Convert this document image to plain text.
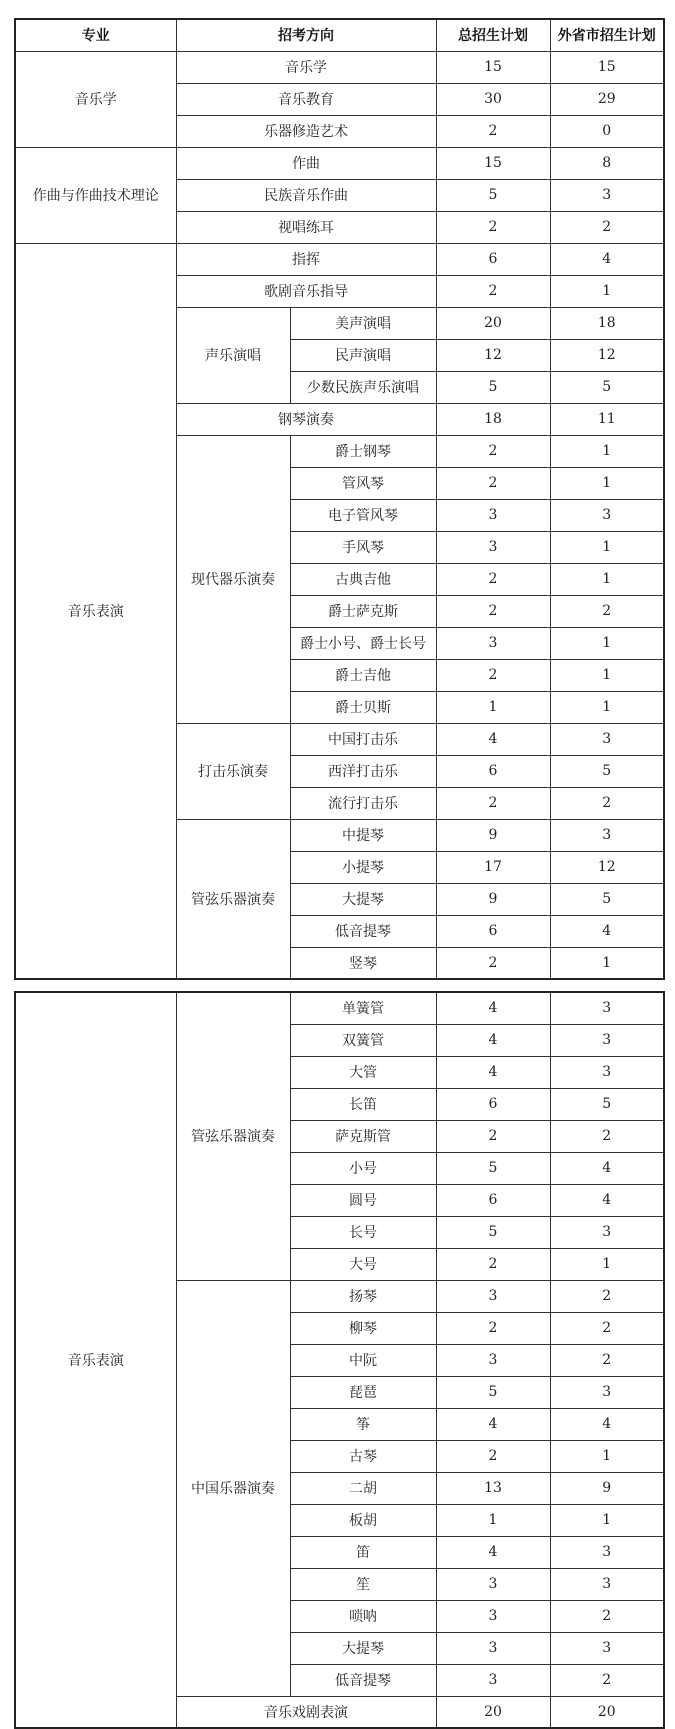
专业	招考方向		总招生计划	外省市招生计划
音乐学	音乐学		15	15
	音乐教育		30	29
	乐器修造艺术		2	0
作曲与作曲技术理论	作曲		15	8
	民族音乐作曲		5	3
	视唱练耳		2	2
音乐表演	指挥		6	4
	歌剧音乐指导		2	1
	声乐演唱	美声演唱	20	18
		民声演唱	12	12
		少数民族声乐演唱	5	5
	钢琴演奏		18	11
	现代器乐演奏	爵士钢琴	2	1
		管风琴	2	1
		电子管风琴	3	3
		手风琴	3	1
		古典吉他	2	1
		爵士萨克斯	2	2
		爵士小号、爵士长号	3	1
		爵士吉他	2	1
		爵士贝斯	1	1
	打击乐演奏	中国打击乐	4	3
		西洋打击乐	6	5
		流行打击乐	2	2
	管弦乐器演奏	中提琴	9	3
		小提琴	17	12
		大提琴	9	5
		低音提琴	6	4
		竖琴	2	1
音乐表演	管弦乐器演奏	单簧管	4	3
		双簧管	4	3
		大管	4	3
		长笛	6	5
		萨克斯管	2	2
		小号	5	4
		圆号	6	4
		长号	5	3
		大号	2	1
	中国乐器演奏	扬琴	3	2
		柳琴	2	2
		中阮	3	2
		琵琶	5	3
		筝	4	4
		古琴	2	1
		二胡	13	9
		板胡	1	1
		笛	4	3
		笙	3	3
		唢呐	3	2
		大提琴	3	3
		低音提琴	3	2
	音乐戏剧表演		20	20
